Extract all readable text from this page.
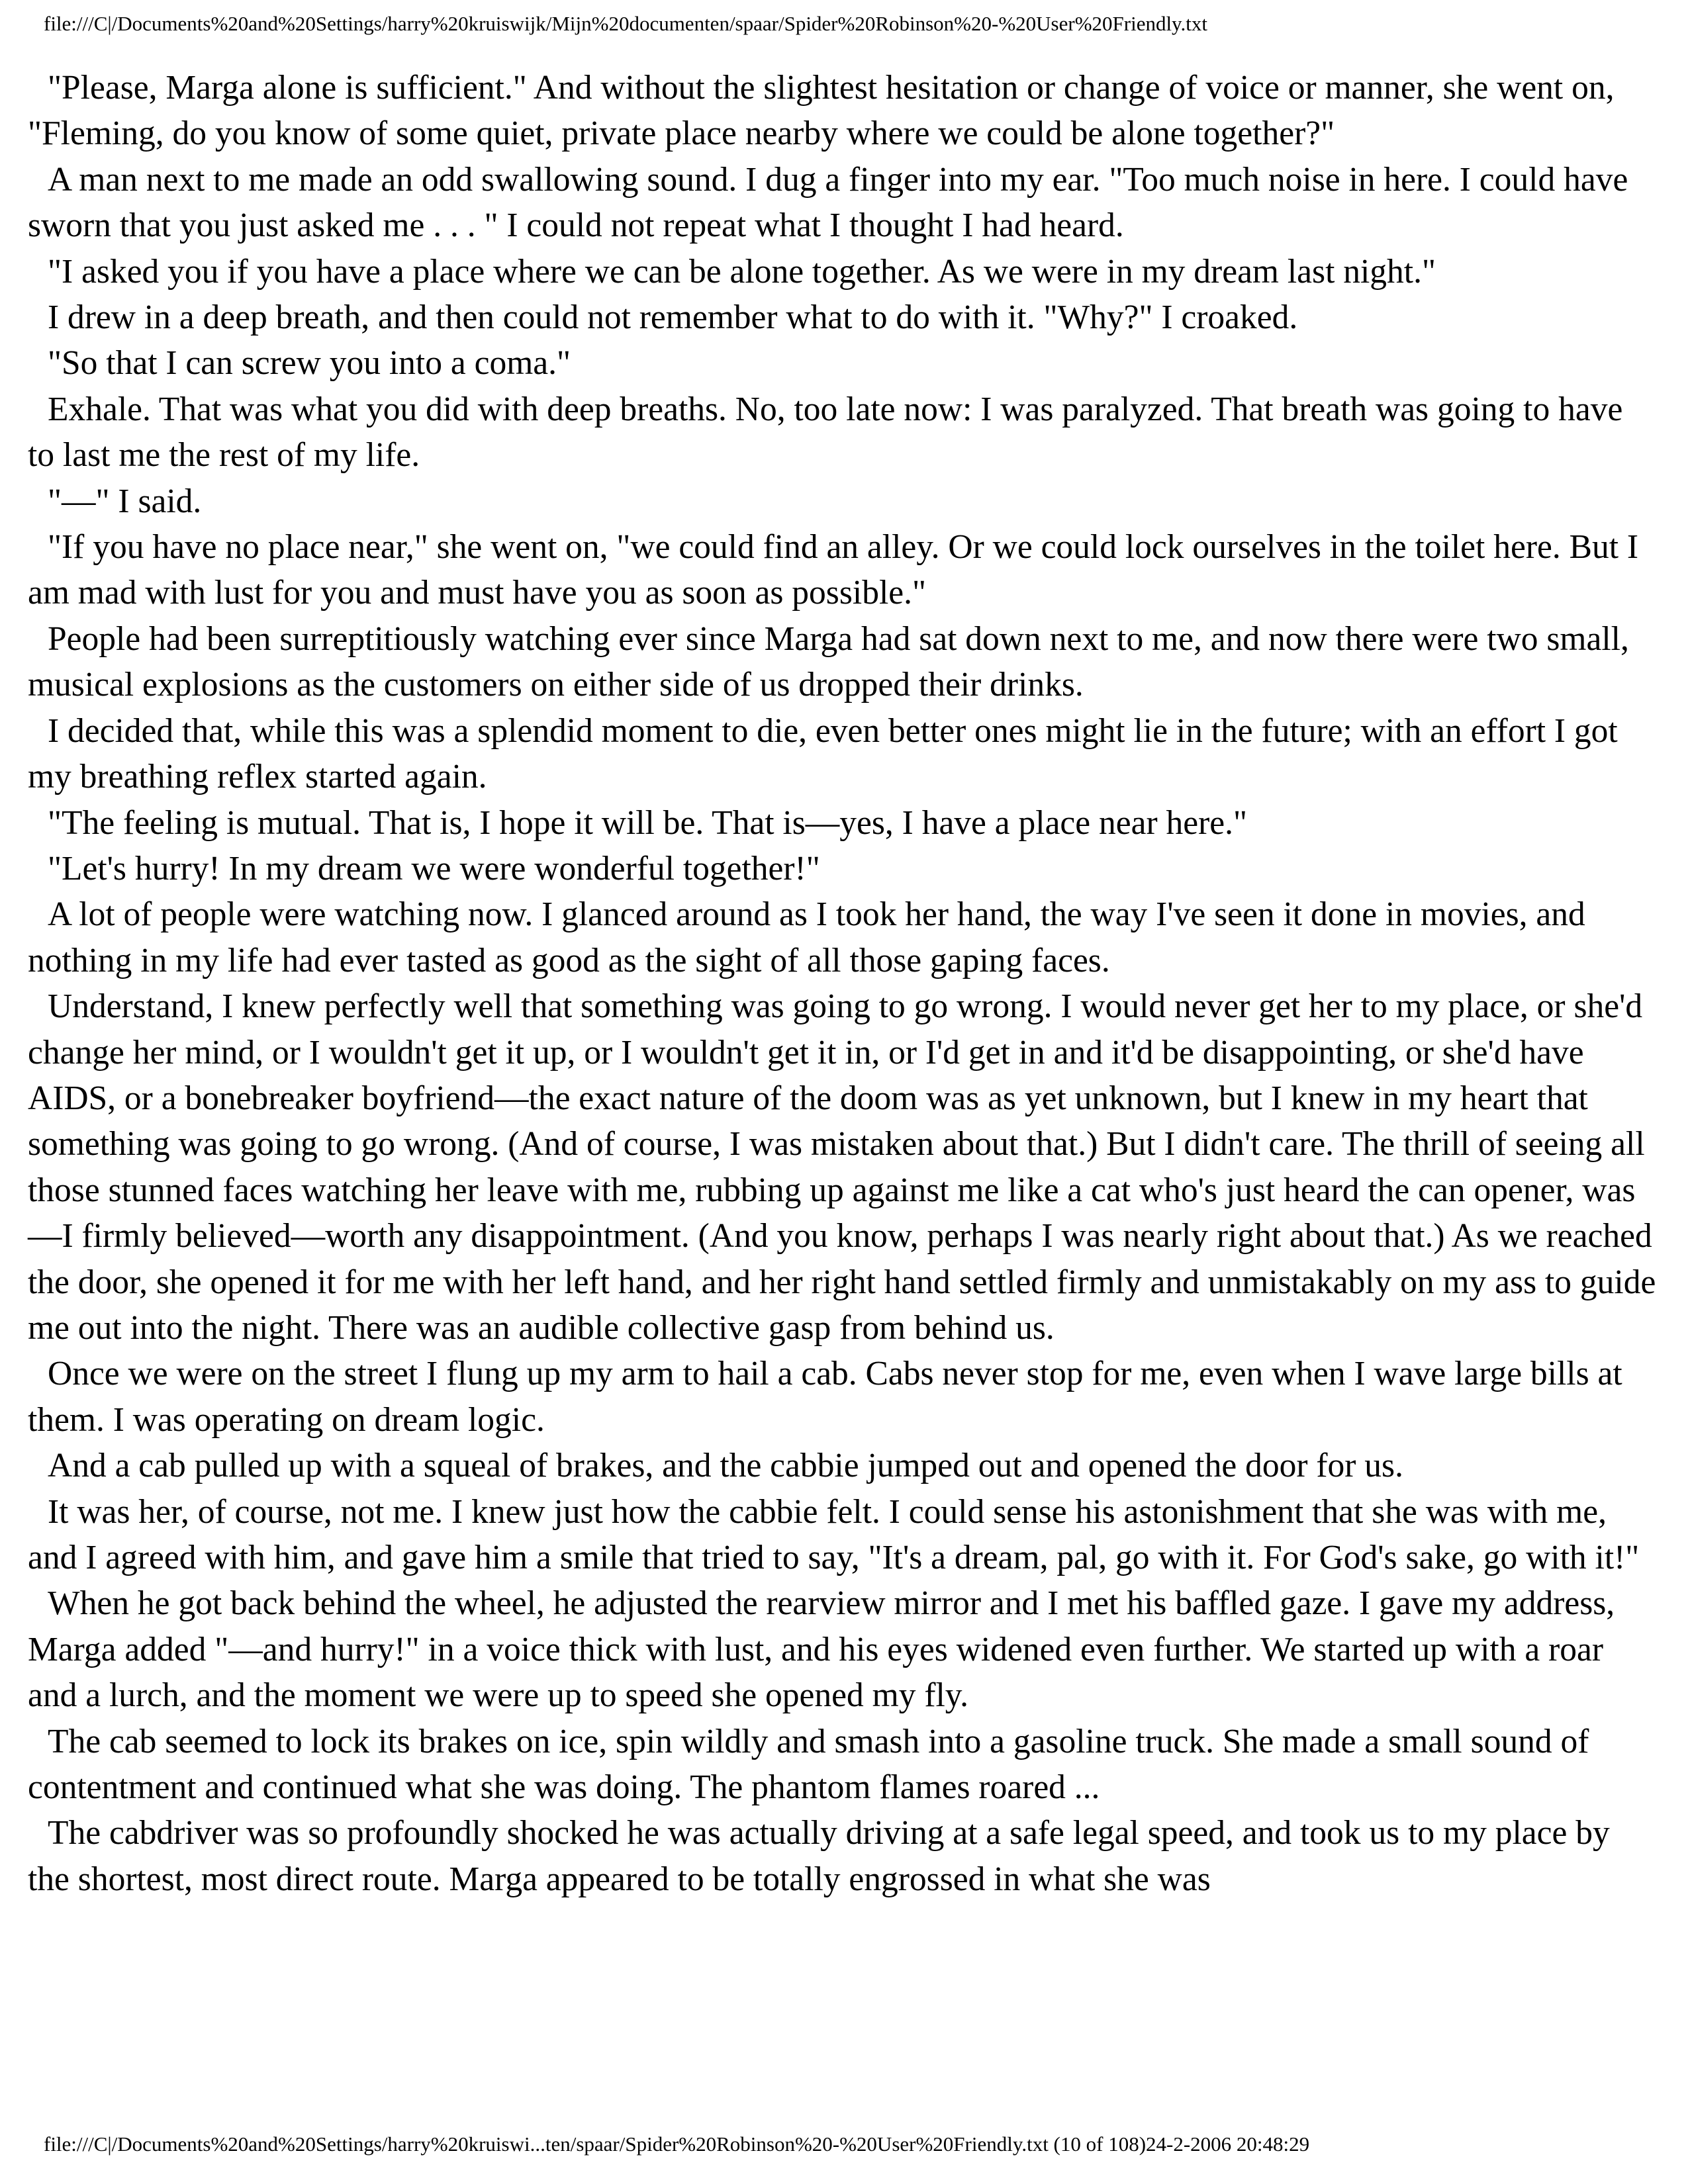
file:///C|/Documents%20and%20Settings/harry%20kruiswijk/Mijn%20documenten/spaar/Spider%20Robinson%20-%20User%20Friendly.txt

"Please, Marga alone is sufficient." And without the slightest hesitation or change of voice or manner, she went on, "Fleming, do you know of some quiet, private place nearby where we could be alone together?"

A man next to me made an odd swallowing sound. I dug a finger into my ear. "Too much noise in here. I could have sworn that you just asked me . . . " I could not repeat what I thought I had heard.

"I asked you if you have a place where we can be alone together. As we were in my dream last night."

I drew in a deep breath, and then could not remember what to do with it. "Why?" I croaked.

"So that I can screw you into a coma."

Exhale. That was what you did with deep breaths. No, too late now: I was paralyzed. That breath was going to have to last me the rest of my life.

"—" I said.

"If you have no place near," she went on, "we could find an alley. Or we could lock ourselves in the toilet here. But I am mad with lust for you and must have you as soon as possible."

People had been surreptitiously watching ever since Marga had sat down next to me, and now there were two small, musical explosions as the customers on either side of us dropped their drinks.

I decided that, while this was a splendid moment to die, even better ones might lie in the future; with an effort I got my breathing reflex started again.

"The feeling is mutual. That is, I hope it will be. That is—yes, I have a place near here."

"Let's hurry! In my dream we were wonderful together!"

A lot of people were watching now. I glanced around as I took her hand, the way I've seen it done in movies, and nothing in my life had ever tasted as good as the sight of all those gaping faces.

Understand, I knew perfectly well that something was going to go wrong. I would never get her to my place, or she'd change her mind, or I wouldn't get it up, or I wouldn't get it in, or I'd get in and it'd be disappointing, or she'd have AIDS, or a bonebreaker boyfriend—the exact nature of the doom was as yet unknown, but I knew in my heart that something was going to go wrong. (And of course, I was mistaken about that.) But I didn't care. The thrill of seeing all those stunned faces watching her leave with me, rubbing up against me like a cat who's just heard the can opener, was—I firmly believed—worth any disappointment. (And you know, perhaps I was nearly right about that.) As we reached the door, she opened it for me with her left hand, and her right hand settled firmly and unmistakably on my ass to guide me out into the night. There was an audible collective gasp from behind us.

Once we were on the street I flung up my arm to hail a cab. Cabs never stop for me, even when I wave large bills at them. I was operating on dream logic.

And a cab pulled up with a squeal of brakes, and the cabbie jumped out and opened the door for us.

It was her, of course, not me. I knew just how the cabbie felt. I could sense his astonishment that she was with me, and I agreed with him, and gave him a smile that tried to say, "It's a dream, pal, go with it. For God's sake, go with it!"

When he got back behind the wheel, he adjusted the rearview mirror and I met his baffled gaze. I gave my address, Marga added "—and hurry!" in a voice thick with lust, and his eyes widened even further. We started up with a roar and a lurch, and the moment we were up to speed she opened my fly.

The cab seemed to lock its brakes on ice, spin wildly and smash into a gasoline truck. She made a small sound of contentment and continued what she was doing. The phantom flames roared ...

The cabdriver was so profoundly shocked he was actually driving at a safe legal speed, and took us to my place by the shortest, most direct route. Marga appeared to be totally engrossed in what she was

file:///C|/Documents%20and%20Settings/harry%20kruiswi...ten/spaar/Spider%20Robinson%20-%20User%20Friendly.txt (10 of 108)24-2-2006 20:48:29
